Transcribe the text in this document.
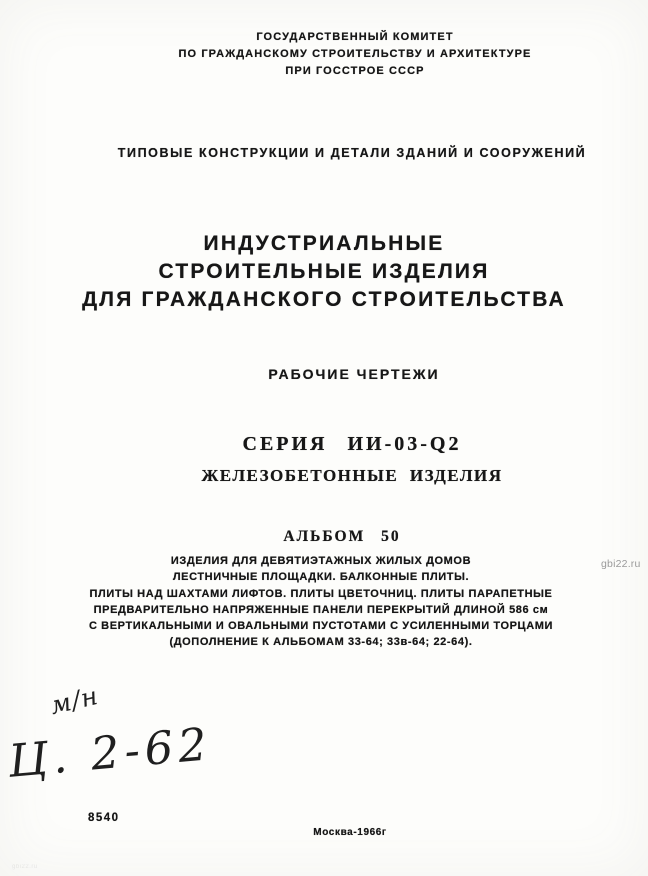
ГОСУДАРСТВЕННЫЙ КОМИТЕТ
ПО ГРАЖДАНСКОМУ СТРОИТЕЛЬСТВУ И АРХИТЕКТУРЕ
ПРИ ГОССТРОЕ СССР
ТИПОВЫЕ КОНСТРУКЦИИ И ДЕТАЛИ ЗДАНИЙ И СООРУЖЕНИЙ
ИНДУСТРИАЛЬНЫЕ
СТРОИТЕЛЬНЫЕ ИЗДЕЛИЯ
ДЛЯ ГРАЖДАНСКОГО СТРОИТЕЛЬСТВА
РАБОЧИЕ ЧЕРТЕЖИ
СЕРИЯ ИИ-03-Q2
ЖЕЛЕЗОБЕТОННЫЕ ИЗДЕЛИЯ
АЛЬБОМ 50
ИЗДЕЛИЯ ДЛЯ ДЕВЯТИЭТАЖНЫХ ЖИЛЫХ ДОМОВ
ЛЕСТНИЧНЫЕ ПЛОЩАДКИ. БАЛКОННЫЕ ПЛИТЫ.
ПЛИТЫ НАД ШАХТАМИ ЛИФТОВ. ПЛИТЫ ЦВЕТОЧНИЦ. ПЛИТЫ ПАРАПЕТНЫЕ
ПРЕДВАРИТЕЛЬНО НАПРЯЖЕННЫЕ ПАНЕЛИ ПЕРЕКРЫТИЙ ДЛИНОЙ 586 см
С ВЕРТИКАЛЬНЫМИ И ОВАЛЬНЫМИ ПУСТОТАМИ С УСИЛЕННЫМИ ТОРЦАМИ
(ДОПОЛНЕНИЕ К АЛЬБОМАМ 33-64; 33в-64; 22-64).
gbi22.ru
м/н
Ц. 2-62
8540
Москва-1966г
gbi22.ru
